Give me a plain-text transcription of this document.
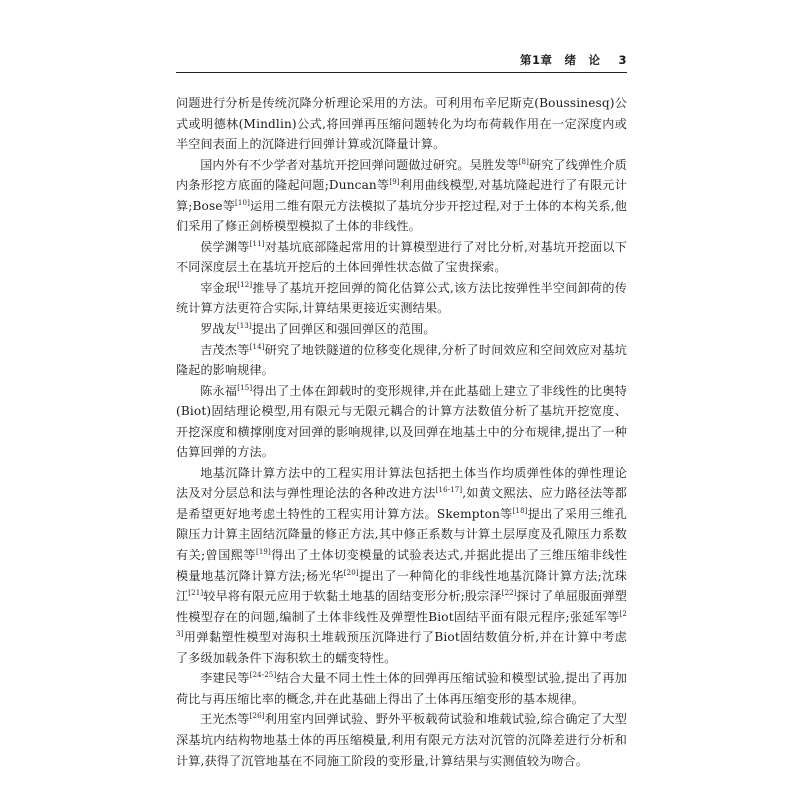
第1章　绪　论 3

问题进行分析是传统沉降分析理论采用的方法。可利用布辛尼斯克(Boussinesq)公式或明德林(Mindlin)公式,将回弹再压缩问题转化为均布荷载作用在一定深度内或半空间表面上的沉降进行回弹计算或沉降量计算。

国内外有不少学者对基坑开挖回弹问题做过研究。吴胜发等[8]研究了线弹性介质内条形挖方底面的隆起问题;Duncan等[9]利用曲线模型,对基坑隆起进行了有限元计算;Bose等[10]运用二维有限元方法模拟了基坑分步开挖过程,对于土体的本构关系,他们采用了修正剑桥模型模拟了土体的非线性。

侯学渊等[11]对基坑底部隆起常用的计算模型进行了对比分析,对基坑开挖面以下不同深度层土在基坑开挖后的土体回弹性状态做了宝贵探索。

宰金珉[12]推导了基坑开挖回弹的简化估算公式,该方法比按弹性半空间卸荷的传统计算方法更符合实际,计算结果更接近实测结果。

罗战友[13]提出了回弹区和强回弹区的范围。

吉茂杰等[14]研究了地铁隧道的位移变化规律,分析了时间效应和空间效应对基坑隆起的影响规律。

陈永福[15]得出了土体在卸载时的变形规律,并在此基础上建立了非线性的比奥特(Biot)固结理论模型,用有限元与无限元耦合的计算方法数值分析了基坑开挖宽度、开挖深度和横撑刚度对回弹的影响规律,以及回弹在地基土中的分布规律,提出了一种估算回弹的方法。

地基沉降计算方法中的工程实用计算法包括把土体当作均质弹性体的弹性理论法及对分层总和法与弹性理论法的各种改进方法[16-17],如黄文熙法、应力路径法等都是希望更好地考虑土特性的工程实用计算方法。Skempton等[18]提出了采用三维孔隙压力计算主固结沉降量的修正方法,其中修正系数与计算土层厚度及孔隙压力系数有关;曾国熙等[19]得出了土体切变模量的试验表达式,并据此提出了三维压缩非线性模量地基沉降计算方法;杨光华[20]提出了一种简化的非线性地基沉降计算方法;沈珠江[21]较早将有限元应用于软黏土地基的固结变形分析;殷宗泽[22]探讨了单屈服面弹塑性模型存在的问题,编制了土体非线性及弹塑性Biot固结平面有限元程序;张延军等[23]用弹黏塑性模型对海积土堆载预压沉降进行了Biot固结数值分析,并在计算中考虑了多级加载条件下海积软土的蠕变特性。

李建民等[24-25]结合大量不同土性土体的回弹再压缩试验和模型试验,提出了再加荷比与再压缩比率的概念,并在此基础上得出了土体再压缩变形的基本规律。

王光杰等[26]利用室内回弹试验、野外平板载荷试验和堆载试验,综合确定了大型深基坑内结构物地基土体的再压缩模量,利用有限元方法对沉管的沉降差进行分析和计算,获得了沉管地基在不同施工阶段的变形量,计算结果与实测值较为吻合。
